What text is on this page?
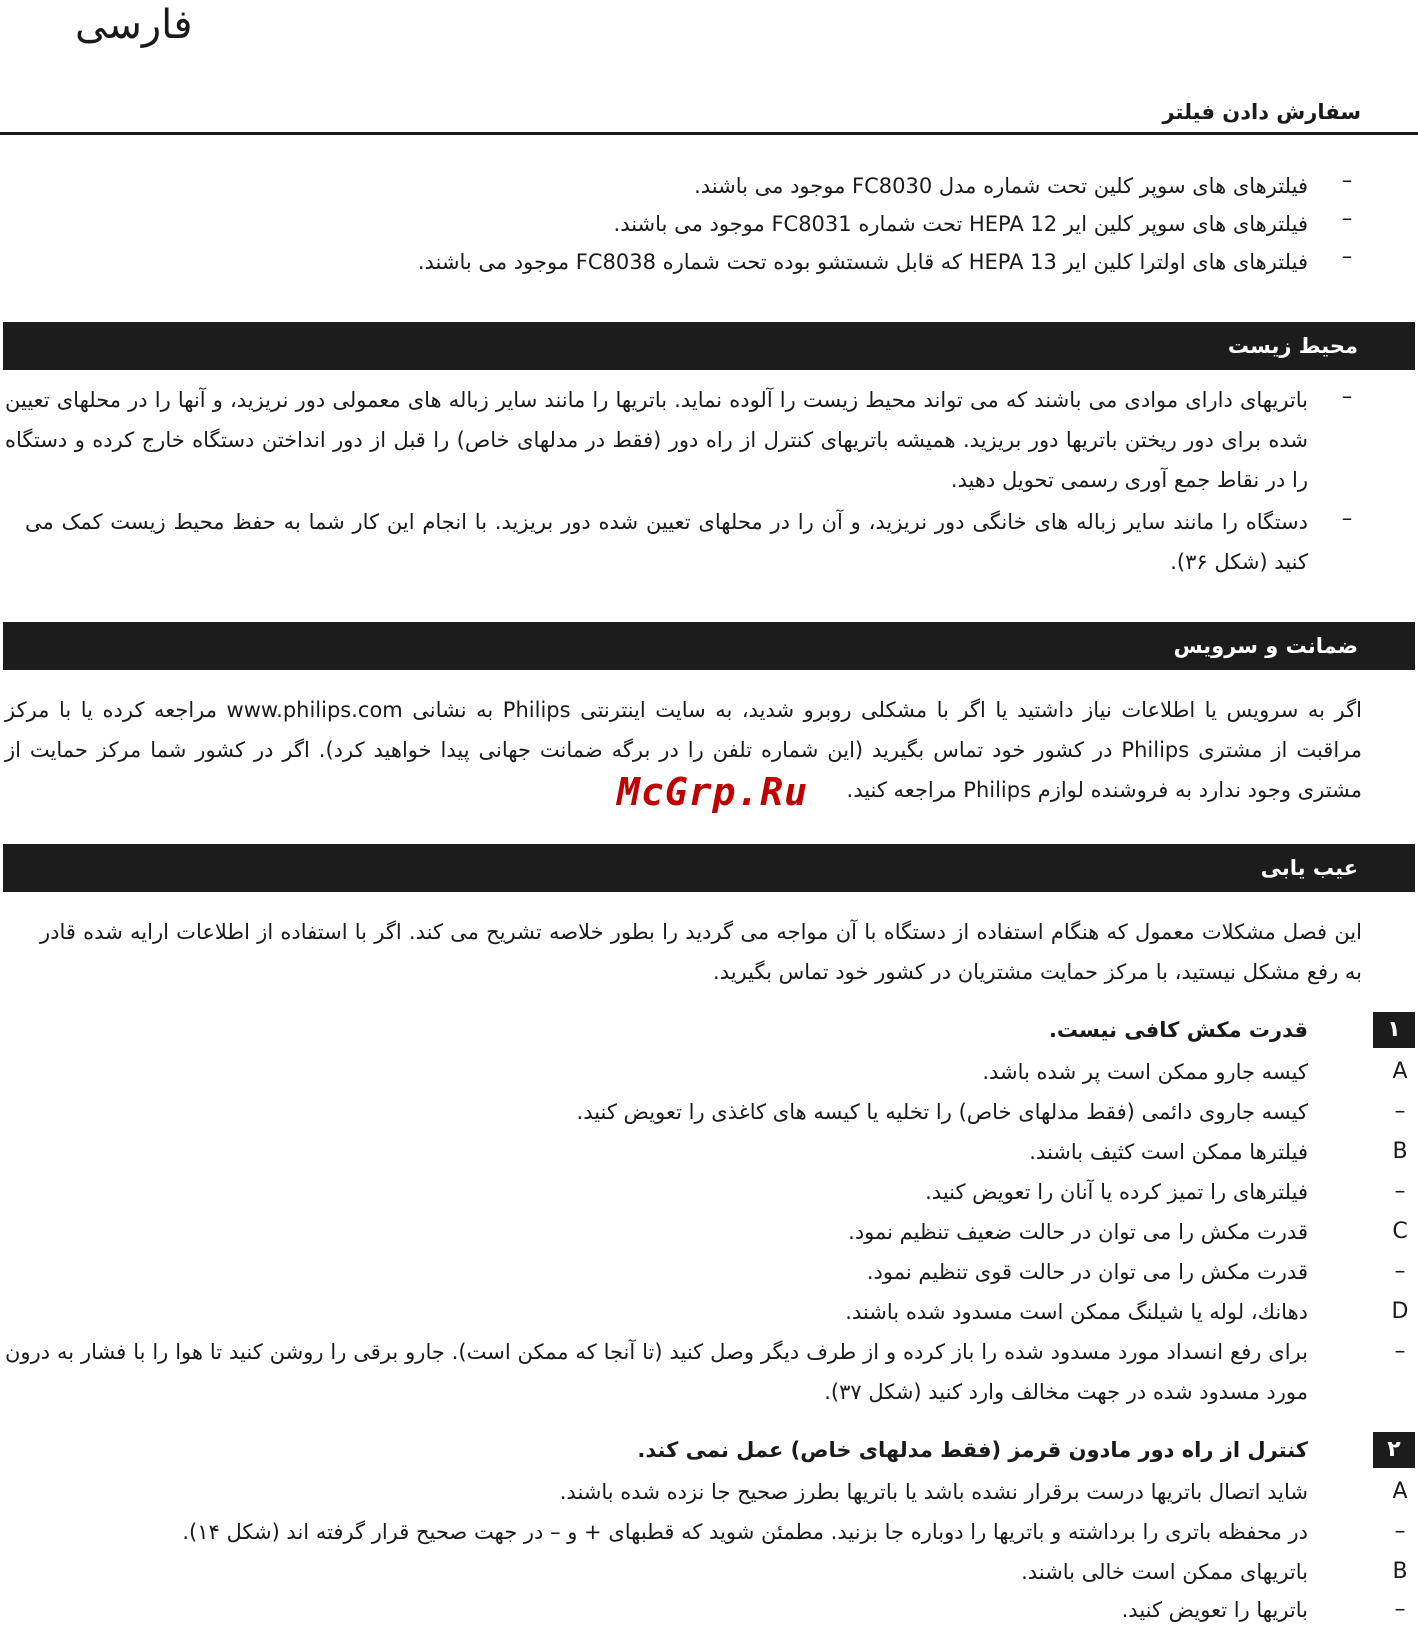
فارسی
سفارش دادن فیلتر
–
فیلترهای های سوپر کلین تحت شماره مدل FC8030 موجود می باشند.
–
فیلترهای های سوپر کلین ایر HEPA 12 تحت شماره FC8031 موجود می باشند.
–
فیلترهای های اولترا کلین ایر HEPA 13 که قابل شستشو بوده تحت شماره FC8038 موجود می باشند.
محیط زیست
–
باتریهای دارای موادی می باشند که می تواند محیط زیست را آلوده نماید. باتریها را مانند سایر زباله های معمولی دور نریزید، و آنها را در محلهای تعیین شده برای دور ریختن باتریها دور بریزید. همیشه باتریهای کنترل از راه دور (فقط در مدلهای خاص) را قبل از دور انداختن دستگاه خارج کرده و دستگاه را در نقاط جمع آوری رسمی تحویل دهید.
–
دستگاه را مانند سایر زباله های خانگی دور نریزید، و آن را در محلهای تعیین شده دور بریزید. با انجام این کار شما به حفظ محیط زیست کمک می کنید (شکل ۳۶).
ضمانت و سرویس
اگر به سرویس یا اطلاعات نیاز داشتید یا اگر با مشکلی روبرو شدید، به سایت اینترنتی Philips به نشانی www.philips.com مراجعه کرده یا با مرکز مراقبت از مشتری Philips در کشور خود تماس بگیرید (این شماره تلفن را در برگه ضمانت جهانی پیدا خواهید کرد). اگر در کشور شما مرکز حمایت از مشتری وجود ندارد به فروشنده لوازم Philips مراجعه کنید.
McGrp.Ru
عیب یابی
این فصل مشکلات معمول که هنگام استفاده از دستگاه با آن مواجه می گردید را بطور خلاصه تشریح می کند. اگر با استفاده از اطلاعات ارایه شده قادر به رفع مشکل نیستید، با مرکز حمایت مشتریان در کشور خود تماس بگیرید.
۱
قدرت مکش کافی نیست.
A
کیسه جارو ممکن است پر شده باشد.
–
کیسه جاروی دائمی (فقط مدلهای خاص) را تخلیه یا کیسه های کاغذی را تعویض کنید.
B
فیلترها ممکن است کثیف باشند.
–
فیلترهای را تمیز کرده یا آنان را تعویض کنید.
C
قدرت مکش را می توان در حالت ضعیف تنظیم نمود.
–
قدرت مکش را می توان در حالت قوی تنظیم نمود.
D
دهانك، لوله یا شیلنگ ممکن است مسدود شده باشند.
–
برای رفع انسداد مورد مسدود شده را باز کرده و از طرف دیگر وصل کنید (تا آنجا که ممکن است). جارو برقی را روشن کنید تا هوا را با فشار به درون مورد مسدود شده در جهت مخالف وارد کنید (شکل ۳۷).
۲
کنترل از راه دور مادون قرمز (فقط مدلهای خاص) عمل نمی کند.
A
شاید اتصال باتریها درست برقرار نشده باشد یا باتریها بطرز صحیح جا نزده شده باشند.
–
در محفظه باتری را برداشته و باتریها را دوباره جا بزنید. مطمئن شوید که قطبهای + و – در جهت صحیح قرار گرفته اند (شکل ۱۴).
B
باتریهای ممکن است خالی باشند.
–
باتریها را تعویض کنید.
